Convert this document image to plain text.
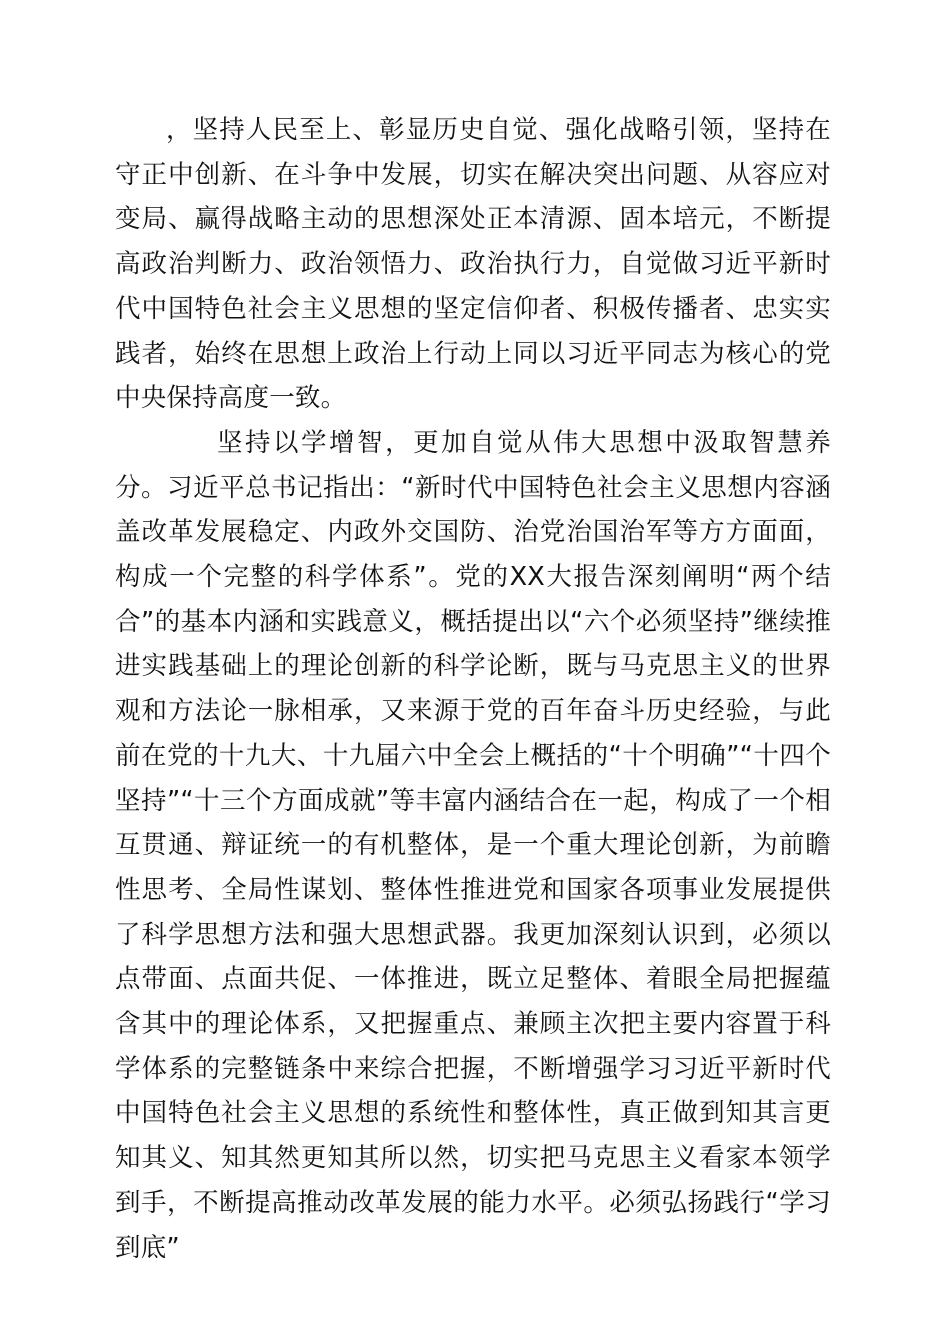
，坚持人民至上、彰显历史自觉、强化战略引领，坚持在守正中创新、在斗争中发展，切实在解决突出问题、从容应对变局、赢得战略主动的思想深处正本清源、固本培元，不断提高政治判断力、政治领悟力、政治执行力，自觉做习近平新时代中国特色社会主义思想的坚定信仰者、积极传播者、忠实实践者，始终在思想上政治上行动上同以习近平同志为核心的党中央保持高度一致。

坚持以学增智，更加自觉从伟大思想中汲取智慧养分。习近平总书记指出：“新时代中国特色社会主义思想内容涵盖改革发展稳定、内政外交国防、治党治国治军等方方面面，构成一个完整的科学体系”。党的XX大报告深刻阐明“两个结合”的基本内涵和实践意义，概括提出以“六个必须坚持”继续推进实践基础上的理论创新的科学论断，既与马克思主义的世界观和方法论一脉相承，又来源于党的百年奋斗历史经验，与此前在党的十九大、十九届六中全会上概括的“十个明确”“十四个坚持”“十三个方面成就”等丰富内涵结合在一起，构成了一个相互贯通、辩证统一的有机整体，是一个重大理论创新，为前瞻性思考、全局性谋划、整体性推进党和国家各项事业发展提供了科学思想方法和强大思想武器。我更加深刻认识到，必须以点带面、点面共促、一体推进，既立足整体、着眼全局把握蕴含其中的理论体系，又把握重点、兼顾主次把主要内容置于科学体系的完整链条中来综合把握，不断增强学习习近平新时代中国特色社会主义思想的系统性和整体性，真正做到知其言更知其义、知其然更知其所以然，切实把马克思主义看家本领学到手，不断提高推动改革发展的能力水平。必须弘扬践行“学习到底”
